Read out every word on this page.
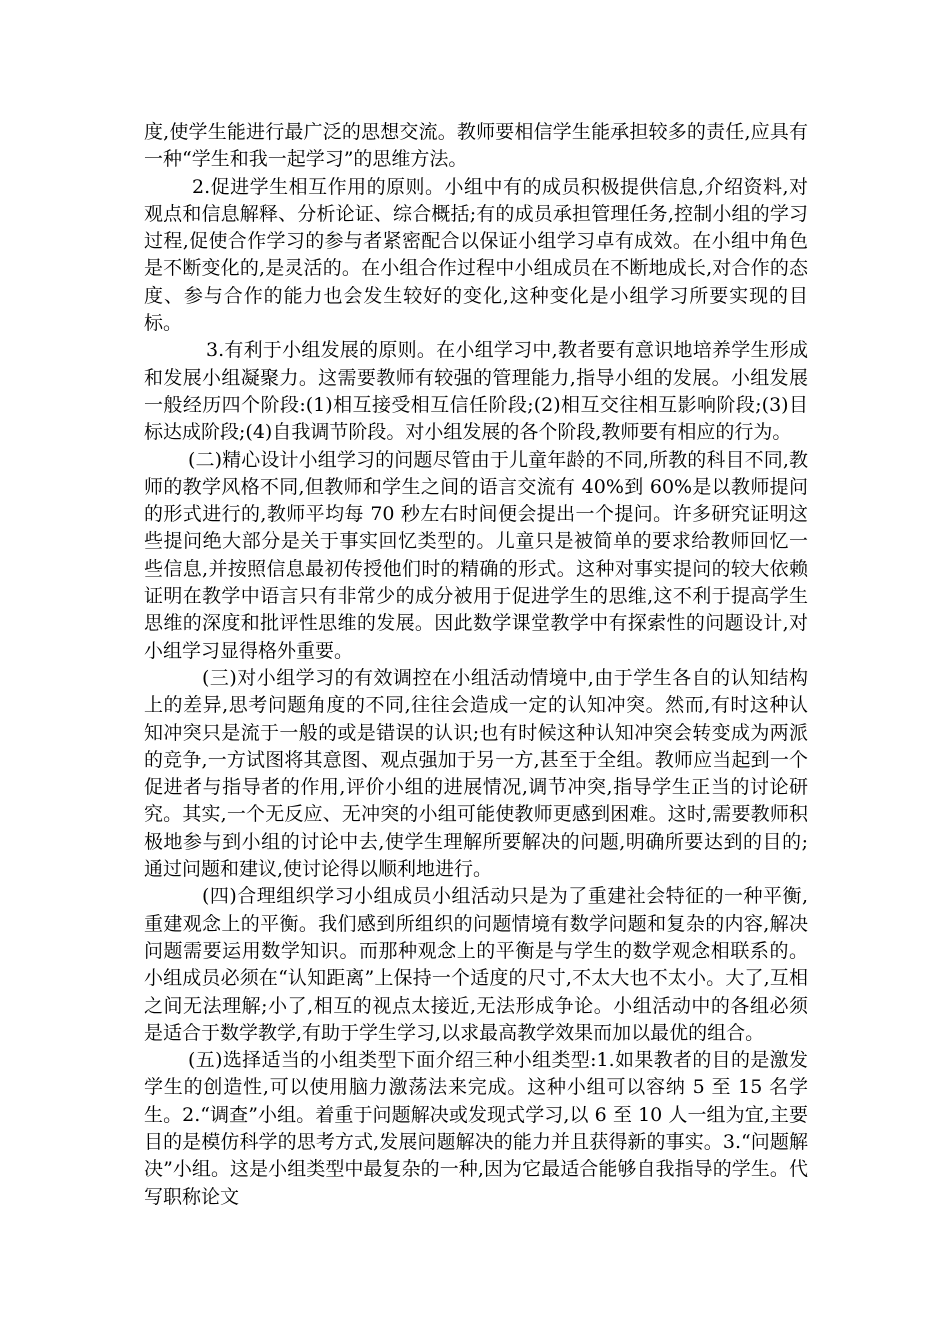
度,使学生能进行最广泛的思想交流。教师要相信学生能承担较多的责任,应具有一种“学生和我一起学习”的思维方法。

2.促进学生相互作用的原则。小组中有的成员积极提供信息,介绍资料,对观点和信息解释、分析论证、综合概括;有的成员承担管理任务,控制小组的学习过程,促使合作学习的参与者紧密配合以保证小组学习卓有成效。在小组中角色是不断变化的,是灵活的。在小组合作过程中小组成员在不断地成长,对合作的态度、参与合作的能力也会发生较好的变化,这种变化是小组学习所要实现的目标。

3.有利于小组发展的原则。在小组学习中,教者要有意识地培养学生形成和发展小组凝聚力。这需要教师有较强的管理能力,指导小组的发展。小组发展一般经历四个阶段:(1)相互接受相互信任阶段;(2)相互交往相互影响阶段;(3)目标达成阶段;(4)自我调节阶段。对小组发展的各个阶段,教师要有相应的行为。

(二)精心设计小组学习的问题尽管由于儿童年龄的不同,所教的科目不同,教师的教学风格不同,但教师和学生之间的语言交流有 40%到 60%是以教师提问的形式进行的,教师平均每 70 秒左右时间便会提出一个提问。许多研究证明这些提问绝大部分是关于事实回忆类型的。儿童只是被简单的要求给教师回忆一些信息,并按照信息最初传授他们时的精确的形式。这种对事实提问的较大依赖证明在教学中语言只有非常少的成分被用于促进学生的思维,这不利于提高学生思维的深度和批评性思维的发展。因此数学课堂教学中有探索性的问题设计,对小组学习显得格外重要。

(三)对小组学习的有效调控在小组活动情境中,由于学生各自的认知结构上的差异,思考问题角度的不同,往往会造成一定的认知冲突。然而,有时这种认知冲突只是流于一般的或是错误的认识;也有时候这种认知冲突会转变成为两派的竞争,一方试图将其意图、观点强加于另一方,甚至于全组。教师应当起到一个促进者与指导者的作用,评价小组的进展情况,调节冲突,指导学生正当的讨论研究。其实,一个无反应、无冲突的小组可能使教师更感到困难。这时,需要教师积极地参与到小组的讨论中去,使学生理解所要解决的问题,明确所要达到的目的;通过问题和建议,使讨论得以顺利地进行。

(四)合理组织学习小组成员小组活动只是为了重建社会特征的一种平衡,重建观念上的平衡。我们感到所组织的问题情境有数学问题和复杂的内容,解决问题需要运用数学知识。而那种观念上的平衡是与学生的数学观念相联系的。小组成员必须在“认知距离”上保持一个适度的尺寸,不太大也不太小。大了,互相之间无法理解;小了,相互的视点太接近,无法形成争论。小组活动中的各组必须是适合于数学教学,有助于学生学习,以求最高教学效果而加以最优的组合。

(五)选择适当的小组类型下面介绍三种小组类型:1.如果教者的目的是激发学生的创造性,可以使用脑力激荡法来完成。这种小组可以容纳 5 至 15 名学生。2.“调查”小组。着重于问题解决或发现式学习,以 6 至 10 人一组为宜,主要目的是模仿科学的思考方式,发展问题解决的能力并且获得新的事实。3.“问题解决”小组。这是小组类型中最复杂的一种,因为它最适合能够自我指导的学生。代写职称论文
